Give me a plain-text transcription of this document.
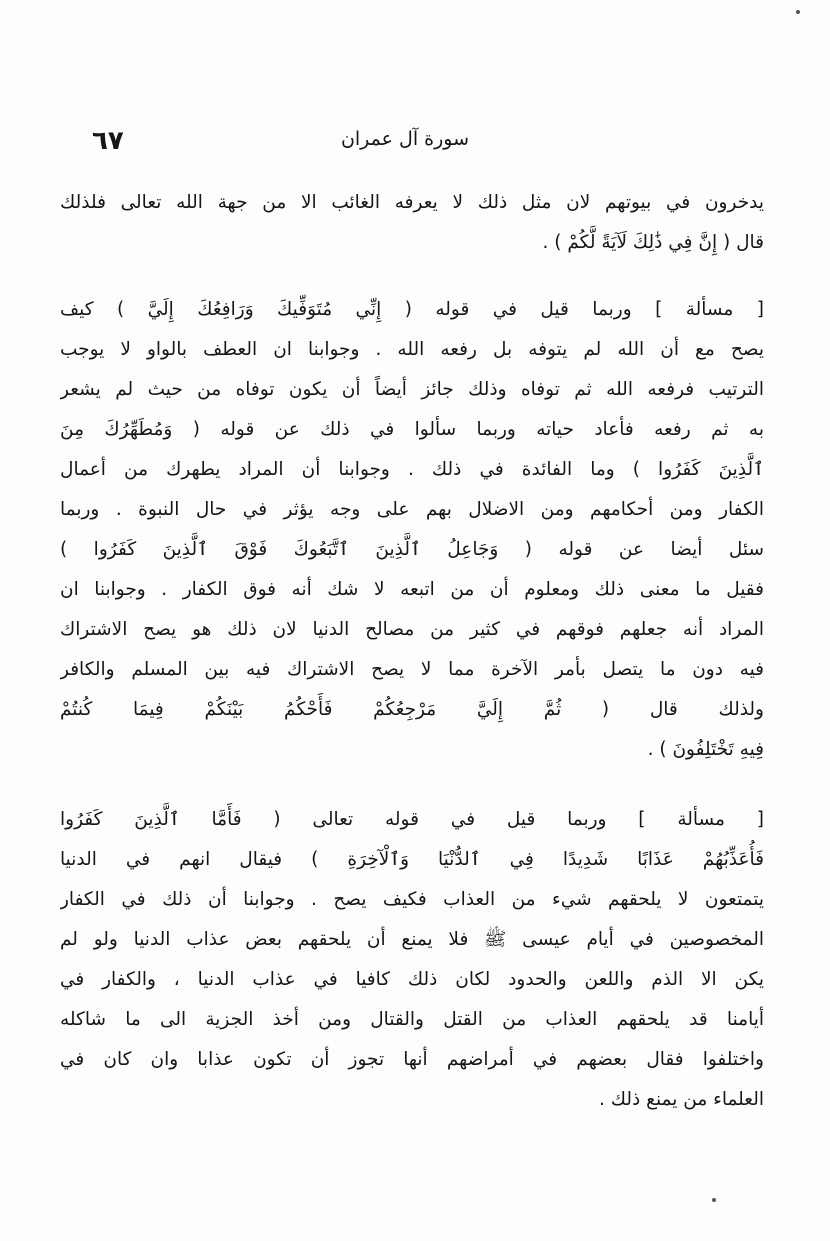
٦٧	سورة آل عمران
يدخرون في بيوتهم لان مثل ذلك لا يعرفه الغائب الا من جهة الله تعالى فلذلك
قال ( إِنَّ فِي ذَٰلِكَ لَآيَةً لَّكُمْ ) .
[ مسألة ] وربما قيل في قوله ( إِنِّي مُتَوَفِّيكَ وَرَافِعُكَ إِلَيَّ ) كيف
يصح مع أن الله لم يتوفه بل رفعه الله . وجوابنا ان العطف بالواو لا يوجب
الترتيب فرفعه الله ثم توفاه وذلك جائز أيضاً أن يكون توفاه من حيث لم يشعر
به ثم رفعه فأعاد حياته وربما سألوا في ذلك عن قوله ( وَمُطَهِّرُكَ مِنَ
ٱلَّذِينَ كَفَرُوا ) وما الفائدة في ذلك . وجوابنا أن المراد يطهرك من أعمال
الكفار ومن أحكامهم ومن الاضلال بهم على وجه يؤثر في حال النبوة . وربما
سئل أيضا عن قوله ( وَجَاعِلُ ٱلَّذِينَ ٱتَّبَعُوكَ فَوْقَ ٱلَّذِينَ كَفَرُوا )
فقيل ما معنى ذلك ومعلوم أن من اتبعه لا شك أنه فوق الكفار . وجوابنا ان
المراد أنه جعلهم فوقهم في كثير من مصالح الدنيا لان ذلك هو يصح الاشتراك
فيه دون ما يتصل بأمر الآخرة مما لا يصح الاشتراك فيه بين المسلم والكافر
ولذلك قال ( ثُمَّ إِلَيَّ مَرْجِعُكُمْ فَأَحْكُمُ بَيْنَكُمْ فِيمَا كُنتُمْ
فِيهِ تَخْتَلِفُونَ ) .
[ مسألة ] وربما قيل في قوله تعالى ( فَأَمَّا ٱلَّذِينَ كَفَرُوا
فَأُعَذِّبُهُمْ عَذَابًا شَدِيدًا فِي ٱلدُّنْيَا وَٱلْآخِرَةِ ) فيقال انهم في الدنيا
يتمتعون لا يلحقهم شيء من العذاب فكيف يصح . وجوابنا أن ذلك في الكفار
المخصوصين في أيام عيسى ﷺ فلا يمنع أن يلحقهم بعض عذاب الدنيا ولو لم
يكن الا الذم واللعن والحدود لكان ذلك كافيا في عذاب الدنيا ، والكفار في
أيامنا قد يلحقهم العذاب من القتل والقتال ومن أخذ الجزية الى ما شاكله
واختلفوا فقال بعضهم في أمراضهم أنها تجوز أن تكون عذابا وان كان في
العلماء من يمنع ذلك .
